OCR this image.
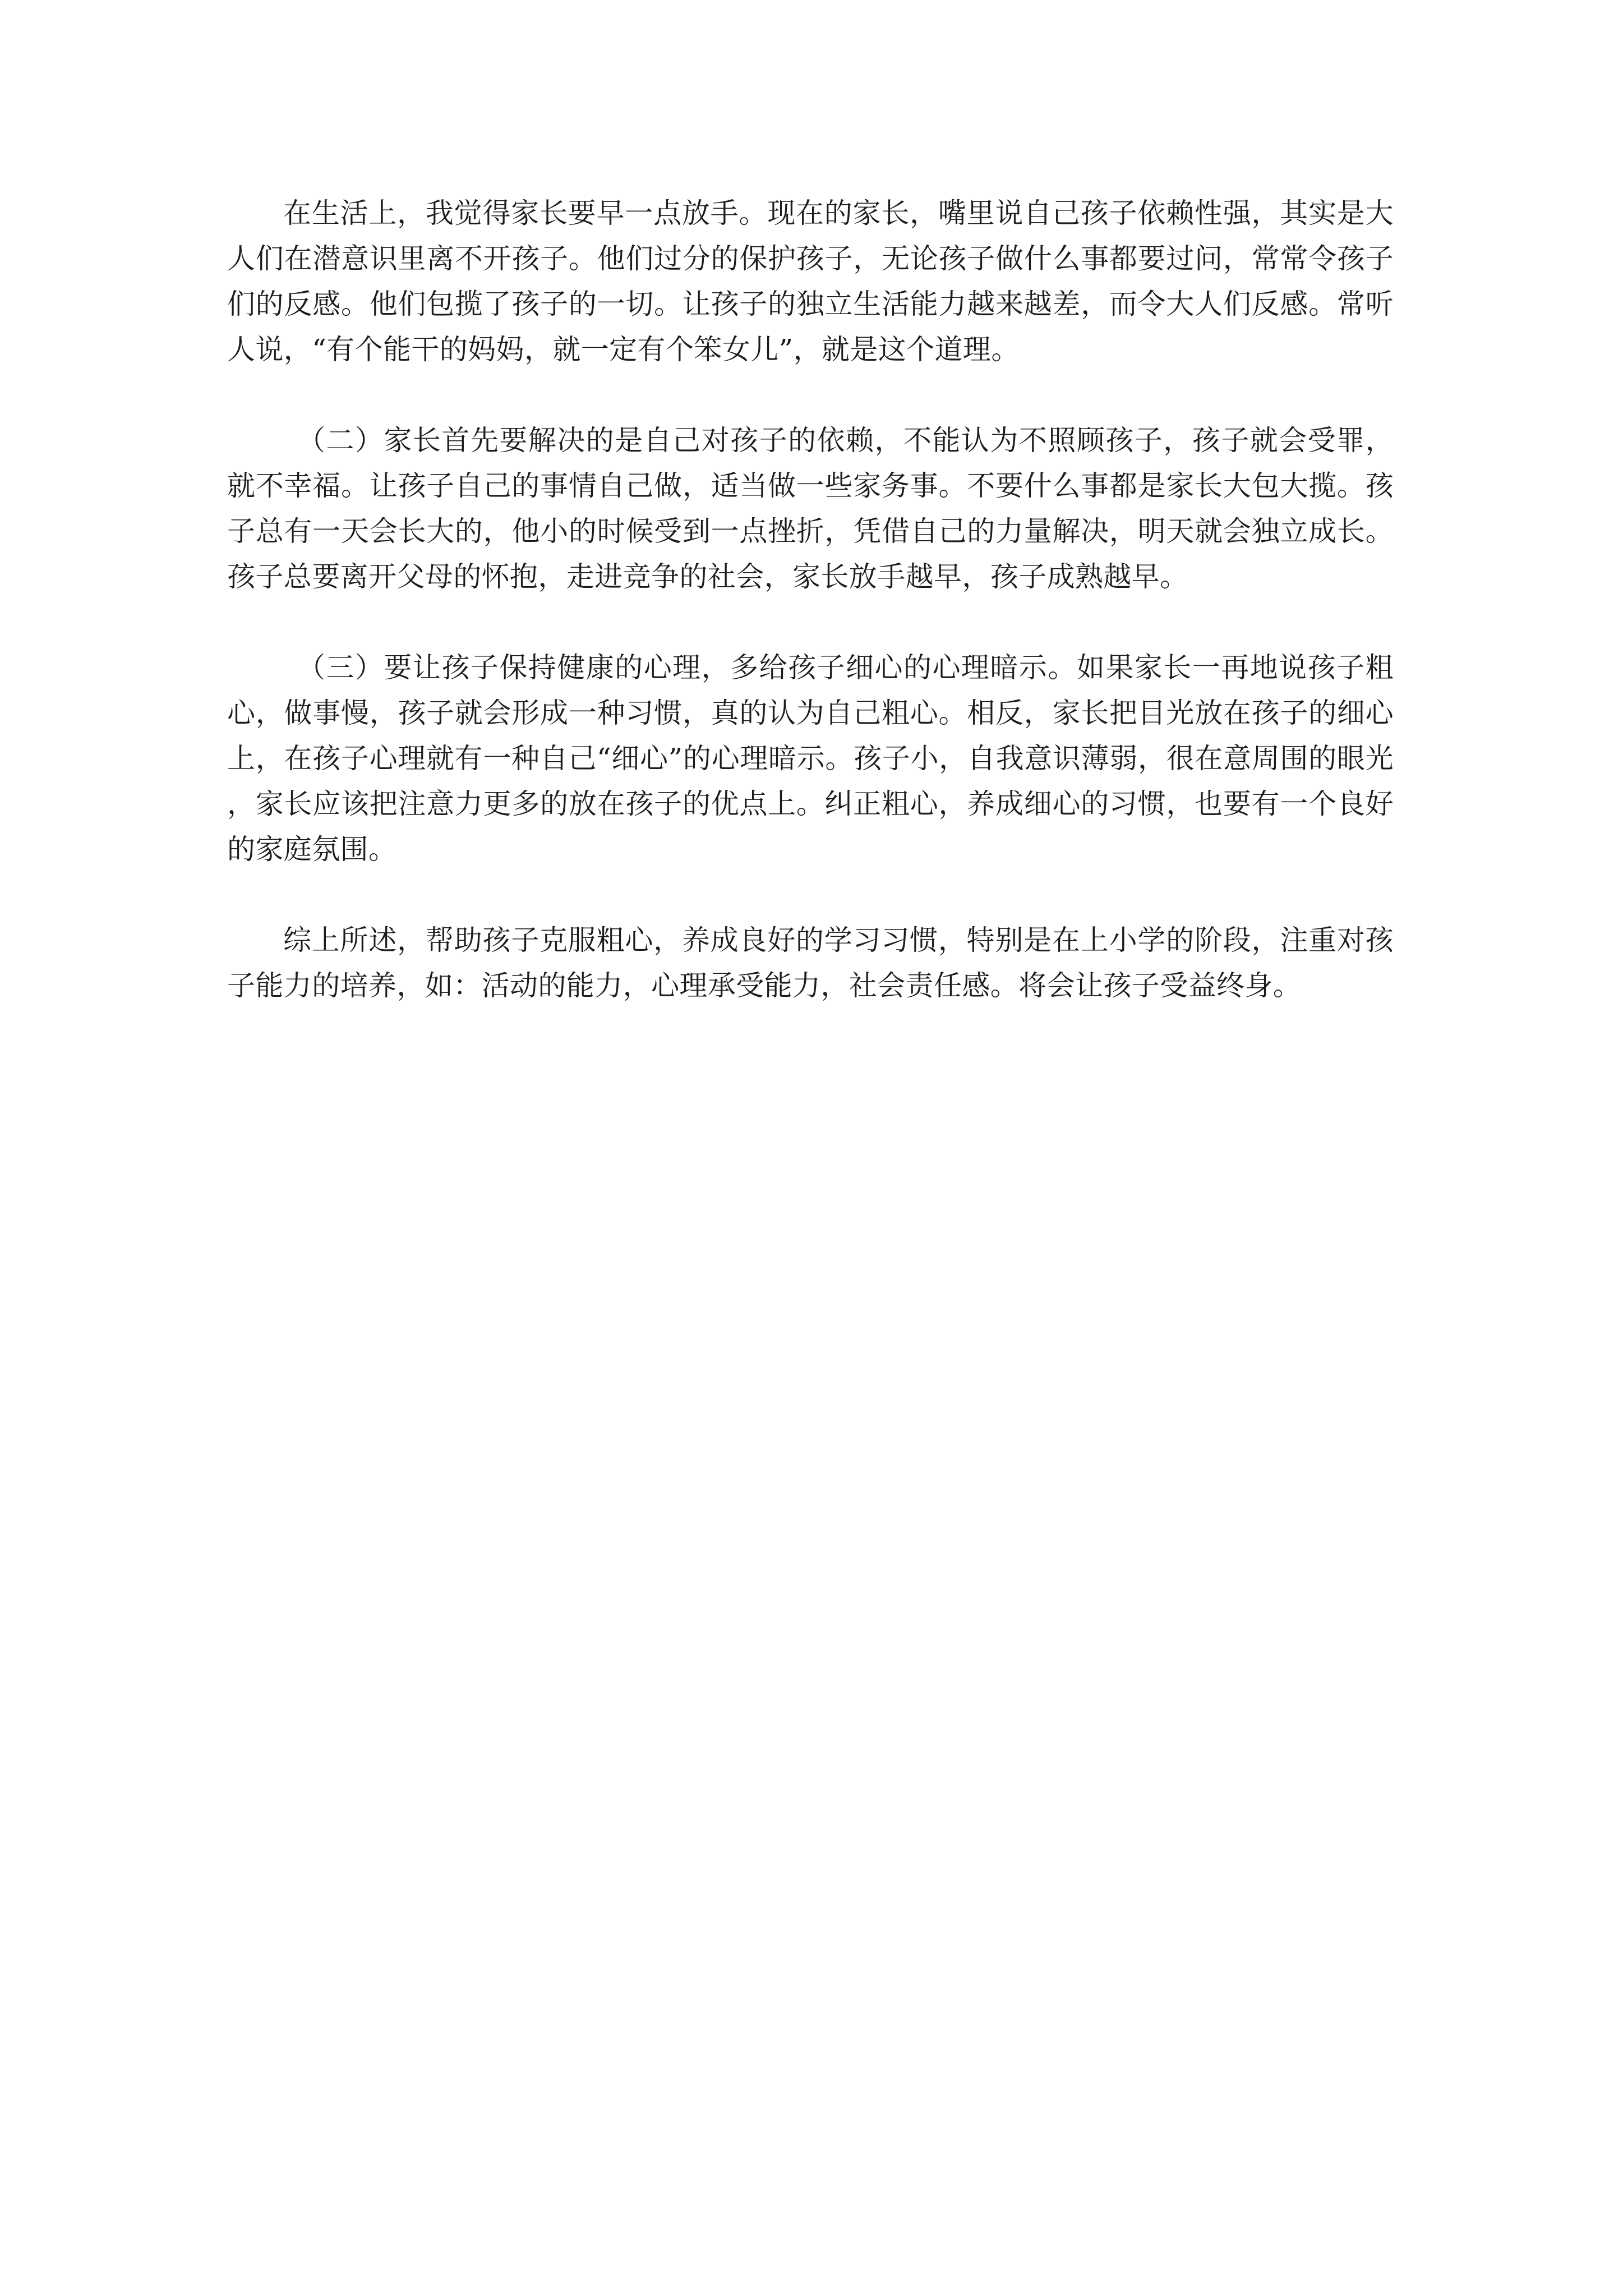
在生活上，我觉得家长要早一点放手。现在的家长，嘴里说自己孩子依赖性强，其实是大人们在潜意识里离不开孩子。他们过分的保护孩子，无论孩子做什么事都要过问，常常令孩子们的反感。他们包揽了孩子的一切。让孩子的独立生活能力越来越差，而令大人们反感。常听人说，“有个能干的妈妈，就一定有个笨女儿”，就是这个道理。

（二）家长首先要解决的是自己对孩子的依赖，不能认为不照顾孩子，孩子就会受罪，就不幸福。让孩子自己的事情自己做，适当做一些家务事。不要什么事都是家长大包大揽。孩子总有一天会长大的，他小的时候受到一点挫折，凭借自己的力量解决，明天就会独立成长。孩子总要离开父母的怀抱，走进竞争的社会，家长放手越早，孩子成熟越早。

（三）要让孩子保持健康的心理，多给孩子细心的心理暗示。如果家长一再地说孩子粗心，做事慢，孩子就会形成一种习惯，真的认为自己粗心。相反，家长把目光放在孩子的细心上，在孩子心理就有一种自己“细心”的心理暗示。孩子小，自我意识薄弱，很在意周围的眼光 ，家长应该把注意力更多的放在孩子的优点上。纠正粗心，养成细心的习惯，也要有一个良好的家庭氛围。

综上所述，帮助孩子克服粗心，养成良好的学习习惯，特别是在上小学的阶段，注重对孩子能力的培养，如：活动的能力，心理承受能力，社会责任感。将会让孩子受益终身。
